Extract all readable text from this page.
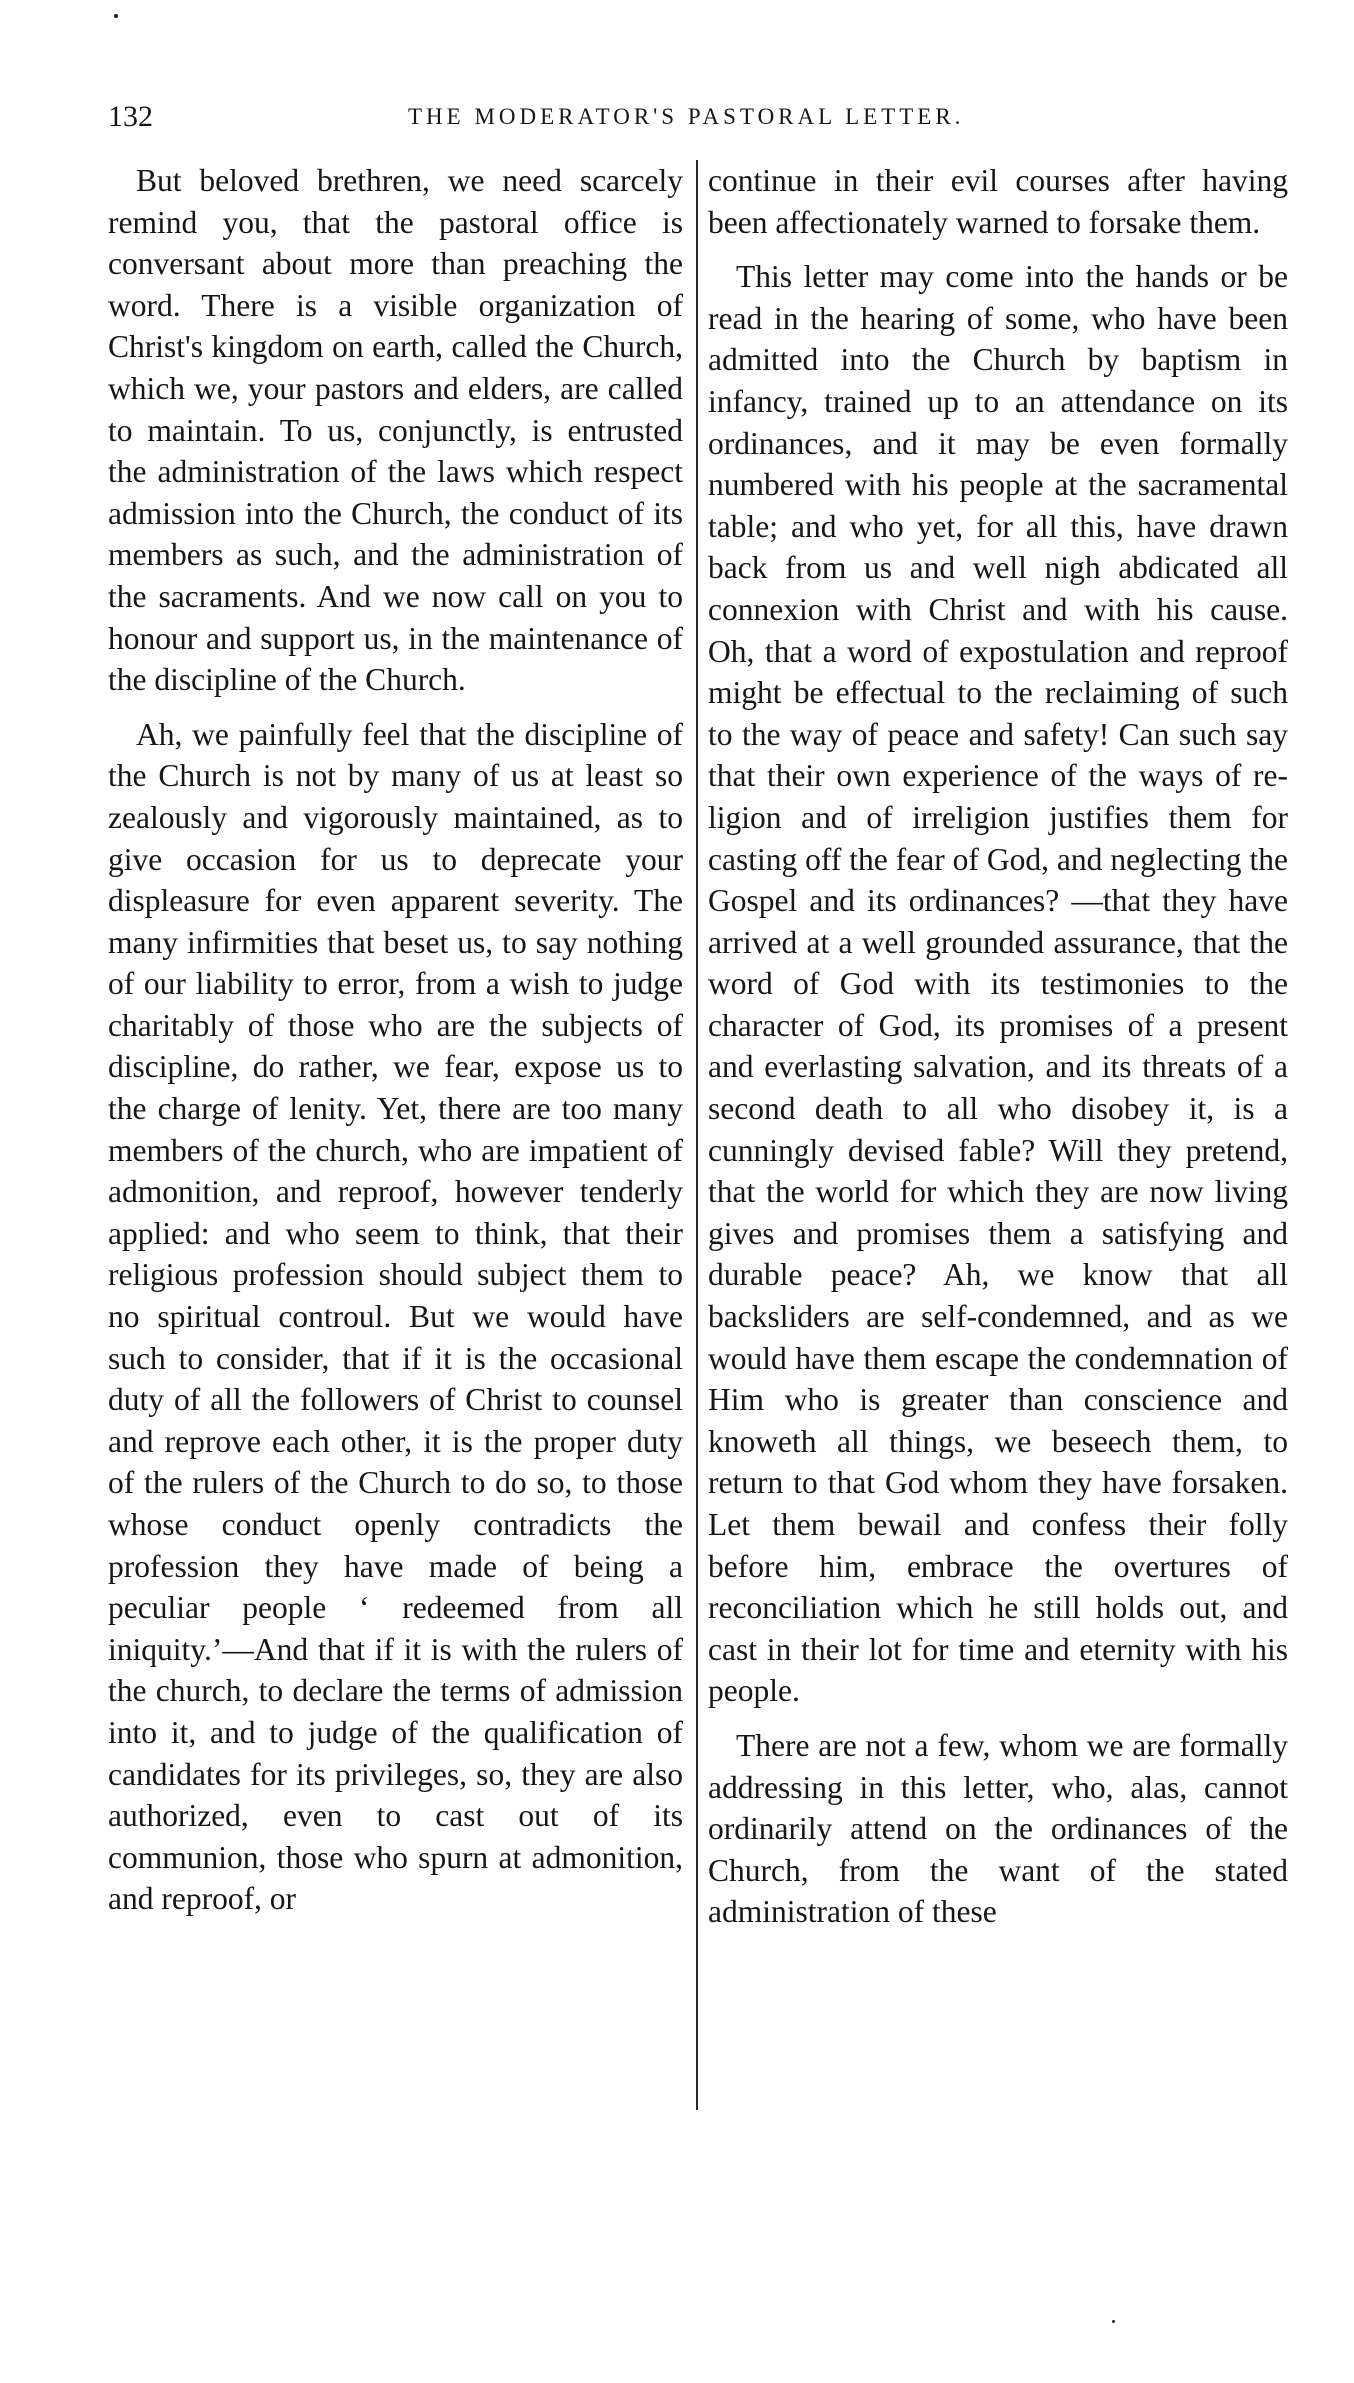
132	THE MODERATOR'S PASTORAL LETTER.

But beloved brethren, we need scarcely remind you, that the pastoral office is conversant about more than preaching the word. There is a visible organization of Christ's kingdom on earth, called the Church, which we, your pastors and elders, are called to maintain. To us, conjunctly, is entrusted the administration of the laws which respect admission into the Church, the conduct of its members as such, and the administration of the sacraments. And we now call on you to honour and support us, in the maintenance of the discipline of the Church.

Ah, we painfully feel that the discipline of the Church is not by many of us at least so zealously and vigorously maintained, as to give occasion for us to deprecate your displeasure for even apparent severity. The many infirmities that beset us, to say nothing of our liability to error, from a wish to judge charitably of those who are the subjects of discipline, do rather, we fear, expose us to the charge of lenity. Yet, there are too many members of the church, who are impatient of admonition, and reproof, however tenderly applied: and who seem to think, that their religious profession should subject them to no spiritual controul. But we would have such to consider, that if it is the occasional duty of all the followers of Christ to counsel and reprove each other, it is the proper duty of the rulers of the Church to do so, to those whose conduct openly contradicts the profession they have made of being a peculiar people ‘ redeemed from all iniquity.’—And that if it is with the rulers of the church, to declare the terms of admission into it, and to judge of the qualification of candidates for its privileges, so, they are also authorized, even to cast out of its communion, those who spurn at admonition, and reproof, or

continue in their evil courses after having been affectionately warned to forsake them.

This letter may come into the hands or be read in the hearing of some, who have been admitted into the Church by baptism in infancy, trained up to an attendance on its ordinances, and it may be even formally numbered with his people at the sacramental table; and who yet, for all this, have drawn back from us and well nigh abdicated all connexion with Christ and with his cause. Oh, that a word of expostulation and reproof might be effectual to the reclaiming of such to the way of peace and safety! Can such say that their own experience of the ways of religion and of irreligion justifies them for casting off the fear of God, and neglecting the Gospel and its ordinances? —that they have arrived at a well grounded assurance, that the word of God with its testimonies to the character of God, its promises of a present and everlasting salvation, and its threats of a second death to all who disobey it, is a cunningly devised fable? Will they pretend, that the world for which they are now living gives and promises them a satisfying and durable peace? Ah, we know that all backsliders are self-condemned, and as we would have them escape the condemnation of Him who is greater than conscience and knoweth all things, we beseech them, to return to that God whom they have forsaken. Let them bewail and confess their folly before him, embrace the overtures of reconciliation which he still holds out, and cast in their lot for time and eternity with his people.

There are not a few, whom we are formally addressing in this letter, who, alas, cannot ordinarily attend on the ordinances of the Church, from the want of the stated administration of these
